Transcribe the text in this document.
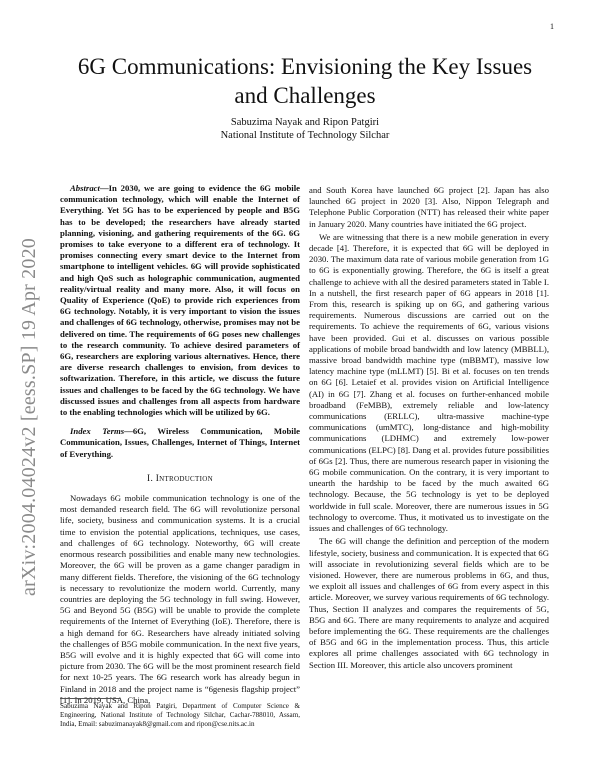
1
arXiv:2004.04024v2 [eess.SP] 19 Apr 2020
6G Communications: Envisioning the Key Issues
and Challenges
Sabuzima Nayak and Ripon Patgiri
National Institute of Technology Silchar

Abstract—In 2030, we are going to evidence the 6G mobile communication technology, which will enable the Internet of Everything. Yet 5G has to be experienced by people and B5G has to be developed; the researchers have already started planning, visioning, and gathering requirements of the 6G. 6G promises to take everyone to a different era of technology. It promises connecting every smart device to the Internet from smartphone to intelligent vehicles. 6G will provide sophisticated and high QoS such as holographic communication, augmented reality/virtual reality and many more. Also, it will focus on Quality of Experience (QoE) to provide rich experiences from 6G technology. Notably, it is very important to vision the issues and challenges of 6G technology, otherwise, promises may not be delivered on time. The requirements of 6G poses new challenges to the research community. To achieve desired parameters of 6G, researchers are exploring various alternatives. Hence, there are diverse research challenges to envision, from devices to softwarization. Therefore, in this article, we discuss the future issues and challenges to be faced by the 6G technology. We have discussed issues and challenges from all aspects from hardware to the enabling technologies which will be utilized by 6G.

Index Terms—6G, Wireless Communication, Mobile Communication, Issues, Challenges, Internet of Things, Internet of Everything.

I. Introduction

Nowadays 6G mobile communication technology is one of the most demanded research field. The 6G will revolutionize personal life, society, business and communication systems. It is a crucial time to envision the potential applications, techniques, use cases, and challenges of 6G technology. Noteworthy, 6G will create enormous research possibilities and enable many new technologies. Moreover, the 6G will be proven as a game changer paradigm in many different fields. Therefore, the visioning of the 6G technology is necessary to revolutionize the modern world. Currently, many countries are deploying the 5G technology in full swing. However, 5G and Beyond 5G (B5G) will be unable to provide the complete requirements of the Internet of Everything (IoE). Therefore, there is a high demand for 6G. Researchers have already initiated solving the challenges of B5G mobile communication. In the next five years, B5G will evolve and it is highly expected that 6G will come into picture from 2030. The 6G will be the most prominent research field for next 10-25 years. The 6G research work has already begun in Finland in 2018 and the project name is “6genesis flagship project” [1]. In 2019, USA, China,

and South Korea have launched 6G project [2]. Japan has also launched 6G project in 2020 [3]. Also, Nippon Telegraph and Telephone Public Corporation (NTT) has released their white paper in January 2020. Many countries have initiated the 6G project.

We are witnessing that there is a new mobile generation in every decade [4]. Therefore, it is expected that 6G will be deployed in 2030. The maximum data rate of various mobile generation from 1G to 6G is exponentially growing. Therefore, the 6G is itself a great challenge to achieve with all the desired parameters stated in Table I. In a nutshell, the first research paper of 6G appears in 2018 [1]. From this, research is spiking up on 6G, and gathering various requirements. Numerous discussions are carried out on the requirements. To achieve the requirements of 6G, various visions have been provided. Gui et al. discusses on various possible applications of mobile broad bandwidth and low latency (MBBLL), massive broad bandwidth machine type (mBBMT), massive low latency machine type (mLLMT) [5]. Bi et al. focuses on ten trends on 6G [6]. Letaief et al. provides vision on Artificial Intelligence (AI) in 6G [7]. Zhang et al. focuses on further-enhanced mobile broadband (FeMBB), extremely reliable and low-latency communications (ERLLC), ultra-massive machine-type communications (umMTC), long-distance and high-mobility communications (LDHMC) and extremely low-power communications (ELPC) [8]. Dang et al. provides future possibilities of 6Gs [2]. Thus, there are numerous research paper in visioning the 6G mobile communication. On the contrary, it is very important to unearth the hardship to be faced by the much awaited 6G technology. Because, the 5G technology is yet to be deployed worldwide in full scale. Moreover, there are numerous issues in 5G technology to overcome. Thus, it motivated us to investigate on the issues and challenges of 6G technology.

The 6G will change the definition and perception of the modern lifestyle, society, business and communication. It is expected that 6G will associate in revolutionizing several fields which are to be visioned. However, there are numerous problems in 6G, and thus, we exploit all issues and challenges of 6G from every aspect in this article. Moreover, we survey various requirements of 6G technology. Thus, Section II analyzes and compares the requirements of 5G, B5G and 6G. There are many requirements to analyze and acquired before implementing the 6G. These requirements are the challenges of B5G and 6G in the implementation process. Thus, this article explores all prime challenges associated with 6G technology in Section III. Moreover, this article also uncovers prominent

Sabuzima Nayak and Ripon Patgiri, Department of Computer Science & Engineering, National Institute of Technology Silchar, Cachar-788010, Assam, India, Email: sabuzimanayak8@gmail.com and ripon@cse.nits.ac.in
